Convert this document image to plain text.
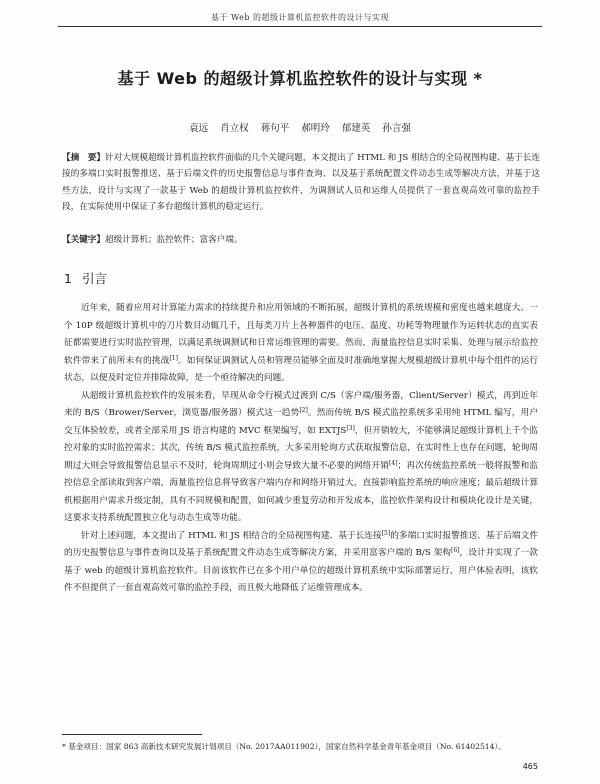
基于 Web 的超级计算机监控软件的设计与实现
基于 Web 的超级计算机监控软件的设计与实现 *
袁远 肖立权 蒋句平 郝明玲 郁建英 孙言强
【摘　要】针对大规模超级计算机监控软件面临的几个关键问题，本文提出了 HTML 和 JS 相结合的全局视图构建、基于长连接的多端口实时报警推送、基于后端文件的历史报警信息与事件查询、以及基于系统配置文件动态生成等解决方法，并基于这些方法，设计与实现了一款基于 Web 的超级计算机监控软件，为调测试人员和运维人员提供了一套直观高效可靠的监控手段，在实际使用中保证了多台超级计算机的稳定运行。
【关键字】超级计算机；监控软件；富客户端。
1 引言

近年来，随着应用对计算能力需求的持续提升和应用领域的不断拓展，超级计算机的系统规模和密度也越来越庞大。一个 10P 级超级计算机中的刀片数目动辄几千，且每类刀片上各种器件的电压、温度、功耗等物理量作为运转状态的直实表征都需要进行实时监控管理，以满足系统调测试和日常运维管理的需要。然而，海量监控信息实时采集、处理与展示给监控软件带来了前所未有的挑战[1]。如何保证调测试人员和管理员能够全面及时准确地掌握大规模超级计算机中每个组件的运行状态，以便及时定位并排除故障，是一个亟待解决的问题。

从超级计算机监控软件的发展来看，早现从命令行模式过渡到 C/S（客户端/服务器，Client/Server）模式，再到近年来的 B/S（Brower/Server，浏览器/服务器）模式这一趋势[2]。然而传统 B/S 模式监控系统多采用纯 HTML 编写，用户交互体验较差，或者全部采用 JS 语言构建的 MVC 框架编写，如 EXTJS[3]，但开销较大，不能够满足超级计算机上千个监控对象的实时监控需求；其次，传统 B/S 模式监控系统，大多采用轮询方式获取报警信息，在实时性上也存在问题，轮询周期过大则会导致报警信息显示不及时，轮询周期过小则会导致大量不必要的网络开销[4]；再次传统监控系统一般将报警和监控信息全部读取到客户端，海量监控信息将导致客户端内存和网络开销过大，直接影响监控系统的响应速度；最后超级计算机根据用户需求升级定制，具有不同规模和配置，如何减少重复劳动和开发成本，监控软件架构设计和模块化设计是关键，这要求支持系统配置独立化与动态生成等功能。

针对上述问题，本文提出了 HTML 和 JS 相结合的全局视图构建、基于长连接[5]的多端口实时报警推送、基于后端文件的历史报警信息与事件查询以及基于系统配置文件动态生成等解决方案，并采用富客户端的 B/S 架构[6]，设计并实现了一款基于 web 的超级计算机监控软件。目前该软件已在多个用户单位的超级计算机系统中实际部署运行，用户体验表明，该软件不但提供了一套直观高效可靠的监控手段，而且极大地降低了运维管理成本。

* 基金项目：国家 863 高新技术研究发展计划项目（No. 2017AA011902），国家自然科学基金青年基金项目（No. 61402514）。
465
